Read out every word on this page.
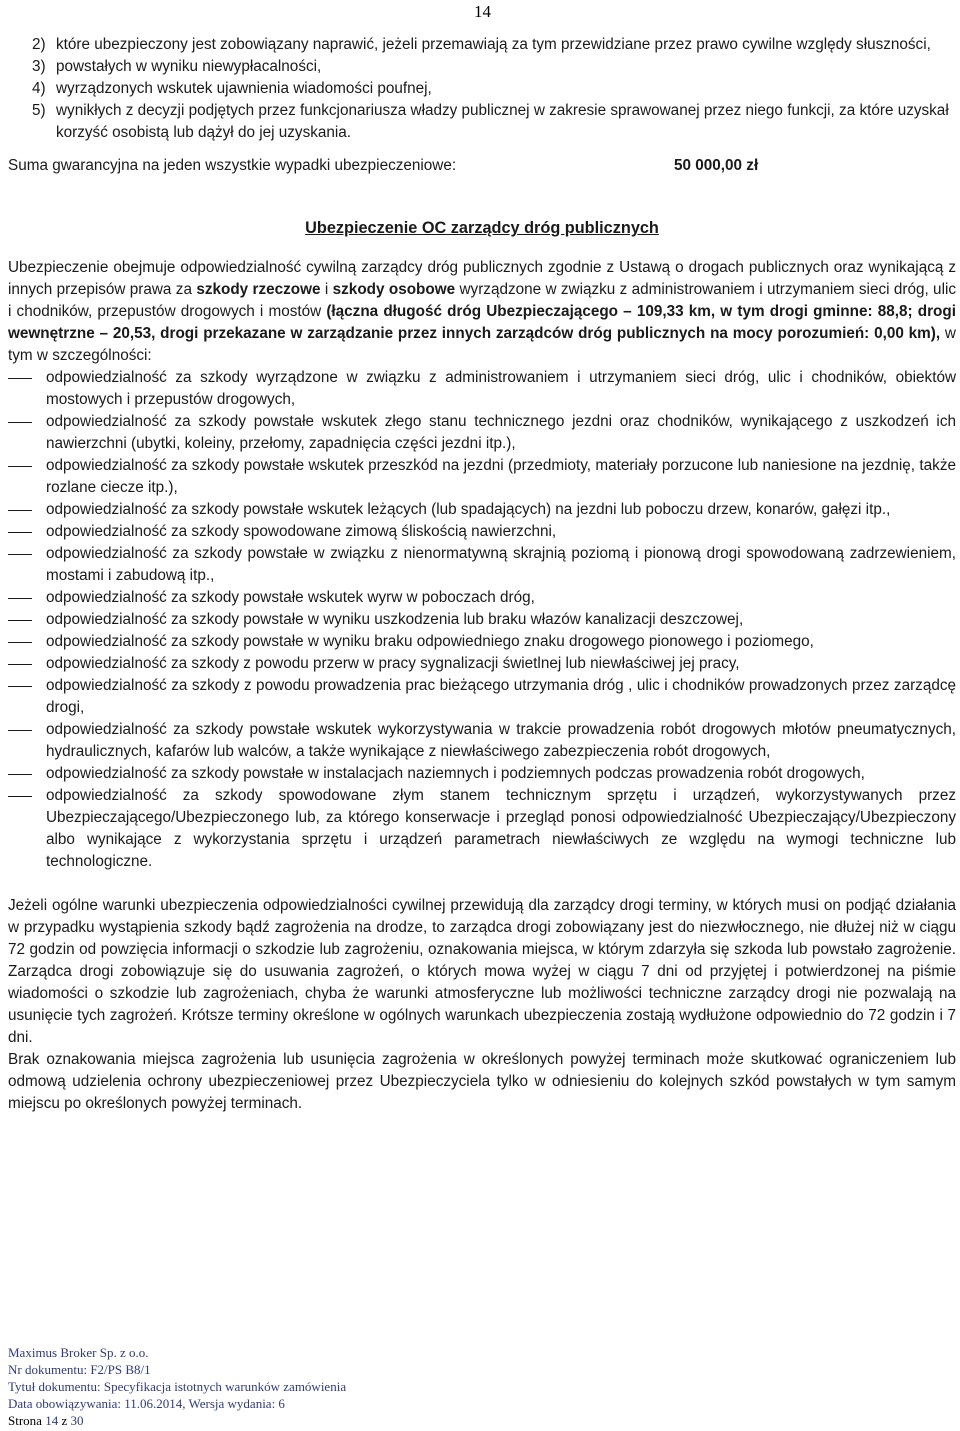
14
2) które ubezpieczony jest zobowiązany naprawić, jeżeli przemawiają za tym przewidziane przez prawo cywilne względy słuszności,
3) powstałych w wyniku niewypłacalności,
4) wyrządzonych wskutek ujawnienia wiadomości poufnej,
5) wynikłych z decyzji podjętych przez funkcjonariusza władzy publicznej w zakresie sprawowanej przez niego funkcji, za które uzyskał korzyść osobistą lub dążył do jej uzyskania.
Suma gwarancyjna na jeden wszystkie wypadki ubezpieczeniowe:	50 000,00 zł
Ubezpieczenie OC zarządcy dróg publicznych
Ubezpieczenie obejmuje odpowiedzialność cywilną zarządcy dróg publicznych zgodnie z Ustawą o drogach publicznych oraz wynikającą z innych przepisów prawa za szkody rzeczowe i szkody osobowe wyrządzone w związku z administrowaniem i utrzymaniem sieci dróg, ulic i chodników, przepustów drogowych i mostów (łączna długość dróg Ubezpieczającego – 109,33 km, w tym drogi gminne: 88,8; drogi wewnętrzne – 20,53, drogi przekazane w zarządzanie przez innych zarządców dróg publicznych na mocy porozumień: 0,00 km), w tym w szczególności:
odpowiedzialność za szkody wyrządzone w związku z administrowaniem i utrzymaniem sieci dróg, ulic i chodników, obiektów mostowych i przepustów drogowych,
odpowiedzialność za szkody powstałe wskutek złego stanu technicznego jezdni oraz chodników, wynikającego z uszkodzeń ich nawierzchni (ubytki, koleiny, przełomy, zapadnięcia części jezdni itp.),
odpowiedzialność za szkody powstałe wskutek przeszkód na jezdni (przedmioty, materiały porzucone lub naniesione na jezdnię, także rozlane ciecze itp.),
odpowiedzialność za szkody powstałe wskutek leżących (lub spadających) na jezdni lub poboczu drzew, konarów, gałęzi itp.,
odpowiedzialność za szkody spowodowane zimową śliskością nawierzchni,
odpowiedzialność za szkody powstałe w związku z nienormatywną skrajnią poziomą i pionową drogi spowodowaną zadrzewieniem, mostami i zabudową itp.,
odpowiedzialność za szkody powstałe wskutek wyrw w poboczach dróg,
odpowiedzialność za szkody powstałe w wyniku uszkodzenia lub braku włazów kanalizacji deszczowej,
odpowiedzialność za szkody powstałe w wyniku braku odpowiedniego znaku drogowego pionowego i poziomego,
odpowiedzialność za szkody z powodu przerw w pracy sygnalizacji świetlnej lub niewłaściwej jej pracy,
odpowiedzialność za szkody z powodu prowadzenia prac bieżącego utrzymania dróg , ulic i chodników prowadzonych przez zarządcę drogi,
odpowiedzialność za szkody powstałe wskutek wykorzystywania w trakcie prowadzenia robót drogowych młotów pneumatycznych, hydraulicznych, kafarów lub walców, a także wynikające z niewłaściwego zabezpieczenia robót drogowych,
odpowiedzialność za szkody powstałe w instalacjach naziemnych i podziemnych podczas prowadzenia robót drogowych,
odpowiedzialność za szkody spowodowane złym stanem technicznym sprzętu i urządzeń, wykorzystywanych przez Ubezpieczającego/Ubezpieczonego lub, za którego konserwacje i przegląd ponosi odpowiedzialność Ubezpieczający/Ubezpieczony albo wynikające z wykorzystania sprzętu i urządzeń parametrach niewłaściwych ze względu na wymogi techniczne lub technologiczne.
Jeżeli ogólne warunki ubezpieczenia odpowiedzialności cywilnej przewidują dla zarządcy drogi terminy, w których musi on podjąć działania w przypadku wystąpienia szkody bądź zagrożenia na drodze, to zarządca drogi zobowiązany jest do niezwłocznego, nie dłużej niż w ciągu 72 godzin od powzięcia informacji o szkodzie lub zagrożeniu, oznakowania miejsca, w którym zdarzyła się szkoda lub powstało zagrożenie. Zarządca drogi zobowiązuje się do usuwania zagrożeń, o których mowa wyżej w ciągu 7 dni od przyjętej i potwierdzonej na piśmie wiadomości o szkodzie lub zagrożeniach, chyba że warunki atmosferyczne lub możliwości techniczne zarządcy drogi nie pozwalają na usunięcie tych zagrożeń. Krótsze terminy określone w ogólnych warunkach ubezpieczenia zostają wydłużone odpowiednio do 72 godzin i 7 dni.
Brak oznakowania miejsca zagrożenia lub usunięcia zagrożenia w określonych powyżej terminach może skutkować ograniczeniem lub odmową udzielenia ochrony ubezpieczeniowej przez Ubezpieczyciela tylko w odniesieniu do kolejnych szkód powstałych w tym samym miejscu po określonych powyżej terminach.
Maximus Broker Sp. z o.o.
Nr dokumentu: F2/PS B8/1
Tytuł dokumentu: Specyfikacja istotnych warunków zamówienia
Data obowiązywania: 11.06.2014, Wersja wydania: 6
Strona 14 z 30
